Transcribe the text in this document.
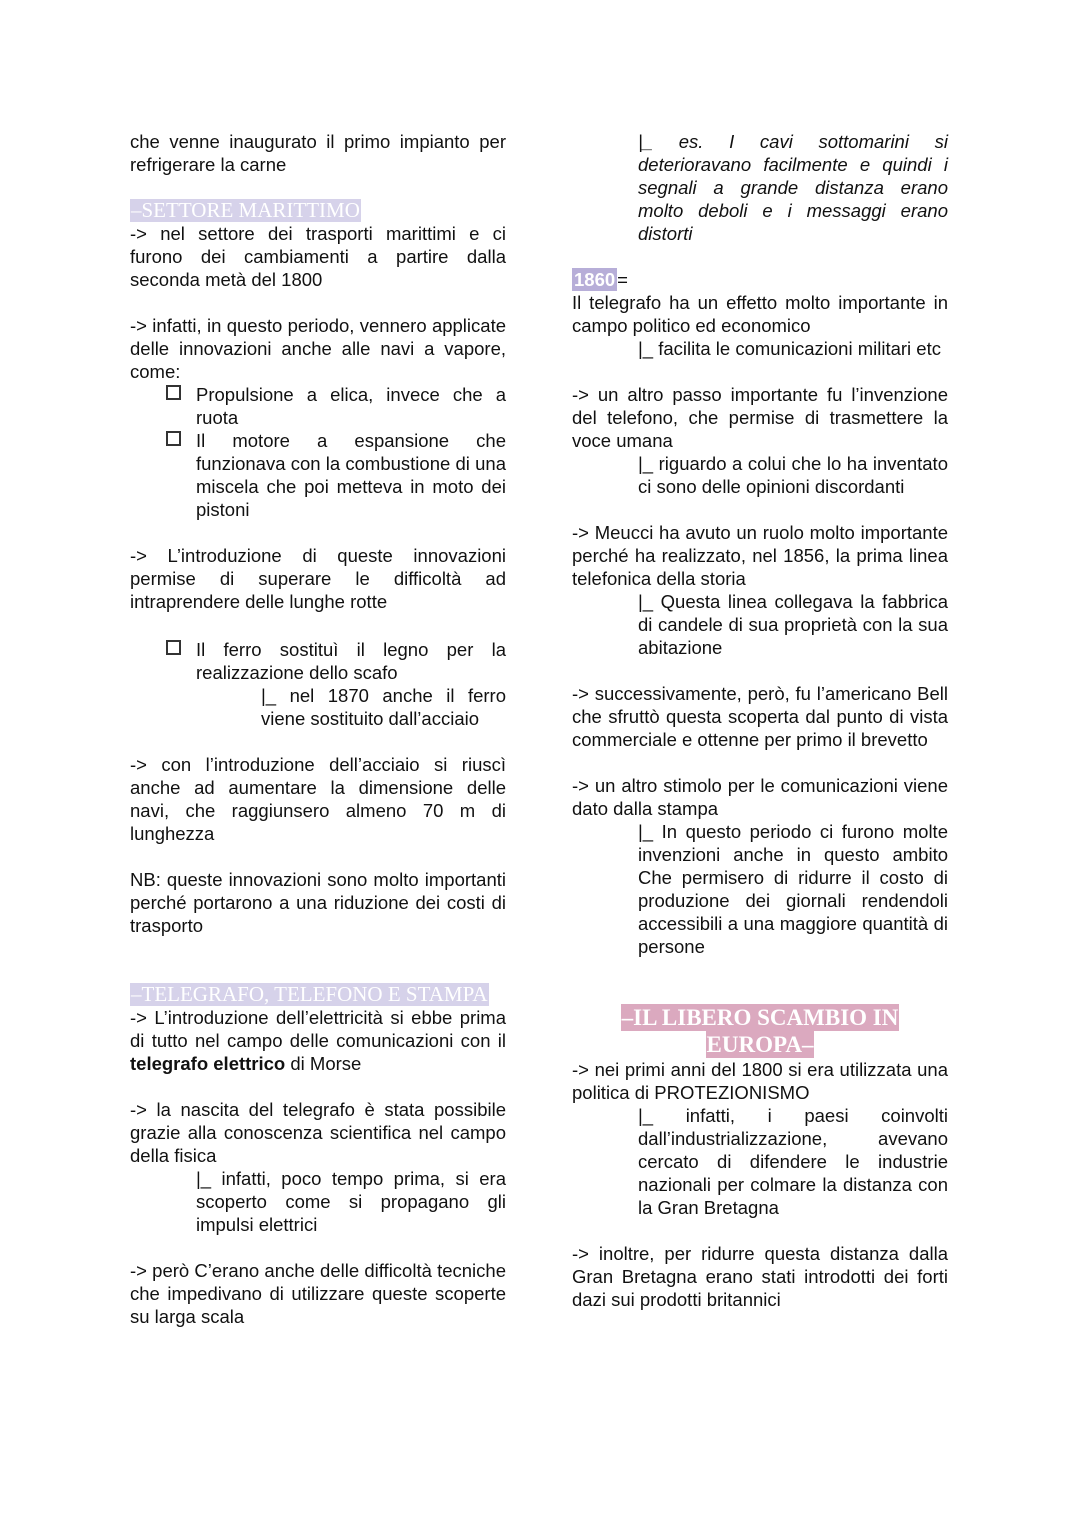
che venne inaugurato il primo impianto per refrigerare la carne

–SETTORE MARITTIMO

-> nel settore dei trasporti marittimi e ci furono dei cambiamenti a partire dalla seconda metà del 1800

-> infatti, in questo periodo, vennero applicate delle innovazioni anche alle navi a vapore, come:

Propulsione a elica, invece che a ruota

Il motore a espansione che funzionava con la combustione di una miscela che poi metteva in moto dei pistoni

-> L’introduzione di queste innovazioni permise di superare le difficoltà ad intraprendere delle lunghe rotte

Il ferro sostituì il legno per la realizzazione dello scafo

|_ nel 1870 anche il ferro viene sostituito dall’acciaio

-> con l’introduzione dell’acciaio si riuscì anche ad aumentare la dimensione delle navi, che raggiunsero almeno 70 m di lunghezza

NB: queste innovazioni sono molto importanti perché portarono a una riduzione dei costi di trasporto

–TELEGRAFO, TELEFONO E STAMPA

-> L’introduzione dell’elettricità si ebbe prima di tutto nel campo delle comunicazioni con il telegrafo elettrico di Morse

-> la nascita del telegrafo è stata possibile grazie alla conoscenza scientifica nel campo della fisica

|_ infatti, poco tempo prima, si era scoperto come si propagano gli impulsi elettrici

-> però C’erano anche delle difficoltà tecniche che impedivano di utilizzare queste scoperte su larga scala

|_ es. I cavi sottomarini si deterioravano facilmente e quindi i segnali a grande distanza erano molto deboli e i messaggi erano distorti

1860 =

Il telegrafo ha un effetto molto importante in campo politico ed economico

|_ facilita le comunicazioni militari etc

-> un altro passo importante fu l’invenzione del telefono, che permise di trasmettere la voce umana

|_ riguardo a colui che lo ha inventato ci sono delle opinioni discordanti

-> Meucci ha avuto un ruolo molto importante perché ha realizzato, nel 1856, la prima linea telefonica della storia

|_ Questa linea collegava la fabbrica di candele di sua proprietà con la sua abitazione

-> successivamente, però, fu l’americano Bell che sfruttò questa scoperta dal punto di vista commerciale e ottenne per primo il brevetto

-> un altro stimolo per le comunicazioni viene dato dalla stampa

|_ In questo periodo ci furono molte invenzioni anche in questo ambito Che permisero di ridurre il costo di produzione dei giornali rendendoli accessibili a una maggiore quantità di persone

–IL LIBERO SCAMBIO IN
EUROPA–

-> nei primi anni del 1800 si era utilizzata una politica di PROTEZIONISMO

|_ infatti, i paesi coinvolti dall’industrializzazione, avevano cercato di difendere le industrie nazionali per colmare la distanza con la Gran Bretagna

-> inoltre, per ridurre questa distanza dalla Gran Bretagna erano stati introdotti dei forti dazi sui prodotti britannici
